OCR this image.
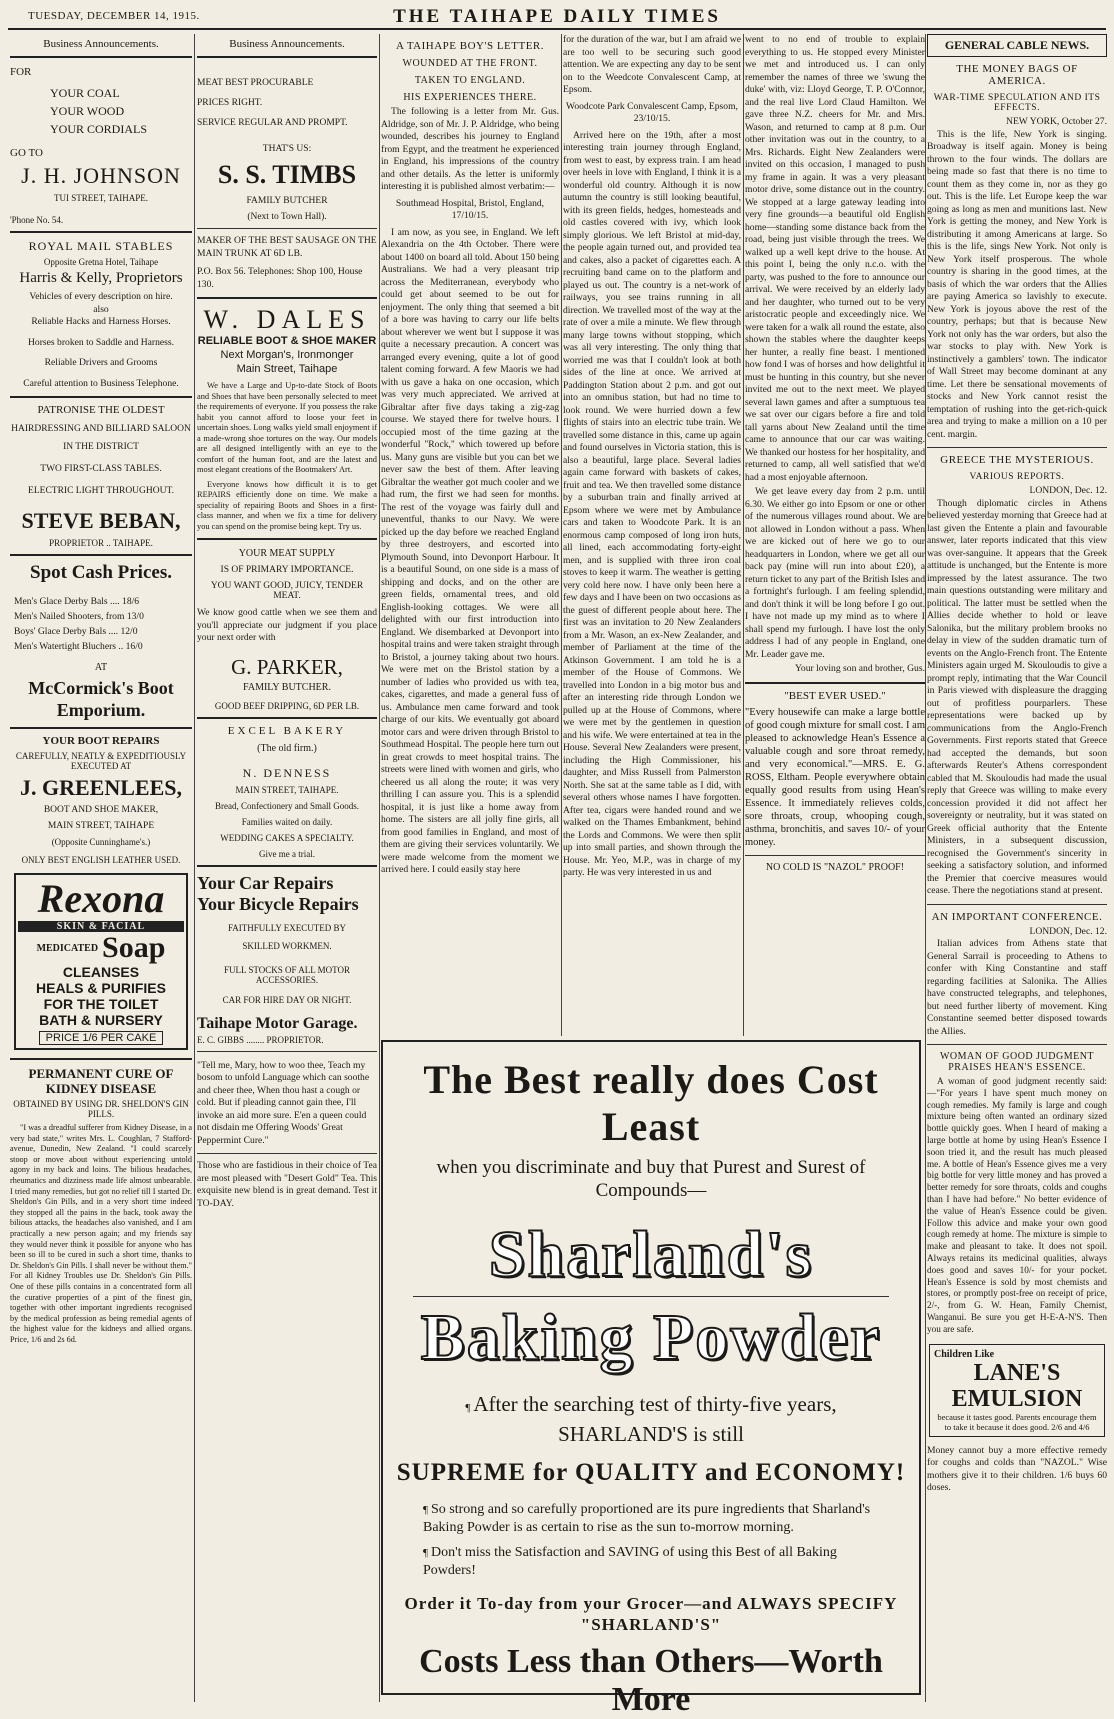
TUESDAY, DECEMBER 14, 1915.	THE TAIHAPE DAILY TIMES
Business Announcements.
FOR
YOUR COAL
YOUR WOOD
YOUR CORDIALS
GO TO
J. H. JOHNSON
TUI STREET, TAIHAPE.
'Phone No. 54.
ROYAL MAIL STABLES
Opposite Gretna Hotel, Taihape
Harris & Kelly, Proprietors
Vehicles of every description on hire.
also
Reliable Hacks and Harness Horses.
Horses broken to Saddle and Harness.
Reliable Drivers and Grooms
Careful attention to Business Telephone.
PATRONISE THE OLDEST
HAIRDRESSING AND BILLIARD SALOON
IN THE DISTRICT
TWO FIRST-CLASS TABLES.
ELECTRIC LIGHT THROUGHOUT.
STEVE BEBAN,
PROPRIETOR .. TAIHAPE.
Spot Cash Prices.
Men's Glace Derby Bals .... 18/6
Men's Nailed Shooters, from 13/0
Boys' Glace Derby Bals .... 12/0
Men's Watertight Bluchers .. 16/0
AT
McCormick's Boot Emporium.
YOUR BOOT REPAIRS
CAREFULLY, NEATLY & EXPEDITIOUSLY EXECUTED AT
J. GREENLEES,
BOOT AND SHOE MAKER,
MAIN STREET, TAIHAPE
(Opposite Cunninghame's.)
ONLY BEST ENGLISH LEATHER USED.
Rexona
SKIN & FACIAL
MEDICATED Soap
CLEANSES
HEALS & PURIFIES
FOR THE TOILET
BATH & NURSERY
PRICE 1/6 PER CAKE
PERMANENT CURE OF KIDNEY DISEASE
OBTAINED BY USING DR. SHELDON'S GIN PILLS.

"I was a dreadful sufferer from Kidney Disease, in a very bad state," writes Mrs. L. Coughlan, 7 Stafford-avenue, Dunedin, New Zealand. "I could scarcely stoop or move about without experiencing untold agony in my back and loins. The bilious headaches, rheumatics and dizziness made life almost unbearable. I tried many remedies, but got no relief till I started Dr. Sheldon's Gin Pills, and in a very short time indeed they stopped all the pains in the back, took away the bilious attacks, the headaches also vanished, and I am practically a new person again; and my friends say they would never think it possible for anyone who has been so ill to be cured in such a short time, thanks to Dr. Sheldon's Gin Pills. I shall never be without them." For all Kidney Troubles use Dr. Sheldon's Gin Pills. One of these pills contains in a concentrated form all the curative properties of a pint of the finest gin, together with other important ingredients recognised by the medical profession as being remedial agents of the highest value for the kidneys and allied organs. Price, 1/6 and 2s 6d.

Business Announcements.
MEAT BEST PROCURABLE
PRICES RIGHT.
SERVICE REGULAR AND PROMPT.
THAT'S US:
S. S. TIMBS
FAMILY BUTCHER
(Next to Town Hall).
MAKER OF THE BEST SAUSAGE ON THE MAIN TRUNK AT 6D LB.
P.O. Box 56. Telephones: Shop 100, House 130.
W. DALES
RELIABLE BOOT & SHOE MAKER
Next Morgan's, Ironmonger
Main Street, Taihape

We have a Large and Up-to-date Stock of Boots and Shoes that have been personally selected to meet the requirements of everyone. If you possess the rake habit you cannot afford to loose your feet in uncertain shoes. Long walks yield small enjoyment if a made-wrong shoe tortures on the way. Our models are all designed intelligently with an eye to the comfort of the human foot, and are the latest and most elegant creations of the Bootmakers' Art.

Everyone knows how difficult it is to get REPAIRS efficiently done on time. We make a speciality of repairing Boots and Shoes in a first-class manner, and when we fix a time for delivery you can spend on the promise being kept. Try us.

YOUR MEAT SUPPLY
IS OF PRIMARY IMPORTANCE.
YOU WANT GOOD, JUICY, TENDER MEAT.
We know good cattle when we see them and you'll appreciate our judgment if you place your next order with
G. PARKER,
FAMILY BUTCHER.
GOOD BEEF DRIPPING, 6D PER LB.
EXCEL BAKERY
(The old firm.)
N. DENNESS
MAIN STREET, TAIHAPE.
Bread, Confectionery and Small Goods.
Families waited on daily.
WEDDING CAKES A SPECIALTY.
Give me a trial.
Your Car Repairs
Your Bicycle Repairs
FAITHFULLY EXECUTED BY
SKILLED WORKMEN.
FULL STOCKS OF ALL MOTOR ACCESSORIES.
CAR FOR HIRE DAY OR NIGHT.
Taihape Motor Garage.
E. C. GIBBS ........ PROPRIETOR.
"Tell me, Mary, how to woo thee, Teach my bosom to unfold Language which can soothe and cheer thee, When thou hast a cough or cold. But if pleading cannot gain thee, I'll invoke an aid more sure. E'en a queen could not disdain me Offering Woods' Great Peppermint Cure."
Those who are fastidious in their choice of Tea are most pleased with "Desert Gold" Tea. This exquisite new blend is in great demand. Test it TO-DAY.
A TAIHAPE BOY'S LETTER.
WOUNDED AT THE FRONT.
TAKEN TO ENGLAND.
HIS EXPERIENCES THERE.

The following is a letter from Mr. Gus. Aldridge, son of Mr. J. P. Aldridge, who being wounded, describes his journey to England from Egypt, and the treatment he experienced in England, his impressions of the country and other details. As the letter is uniformly interesting it is published almost verbatim:—

Southmead Hospital, Bristol, England, 17/10/15.

I am now, as you see, in England. We left Alexandria on the 4th October. There were about 1400 on board all told. About 150 being Australians. We had a very pleasant trip across the Mediterranean, everybody who could get about seemed to be out for enjoyment. The only thing that seemed a bit of a bore was having to carry our life belts about wherever we went but I suppose it was quite a necessary precaution. A concert was arranged every evening, quite a lot of good talent coming forward. A few Maoris we had with us gave a haka on one occasion, which was very much appreciated. We arrived at Gibraltar after five days taking a zig-zag course. We stayed there for twelve hours. I occupied most of the time gazing at the wonderful "Rock," which towered up before us. Many guns are visible but you can bet we never saw the best of them. After leaving Gibraltar the weather got much cooler and we had rum, the first we had seen for months. The rest of the voyage was fairly dull and uneventful, thanks to our Navy. We were picked up the day before we reached England by three destroyers, and escorted into Plymouth Sound, into Devonport Harbour. It is a beautiful Sound, on one side is a mass of shipping and docks, and on the other are green fields, ornamental trees, and old English-looking cottages. We were all delighted with our first introduction into England. We disembarked at Devonport into hospital trains and were taken straight through to Bristol, a journey taking about two hours. We were met on the Bristol station by a number of ladies who provided us with tea, cakes, cigarettes, and made a general fuss of us. Ambulance men came forward and took charge of our kits. We eventually got aboard motor cars and were driven through Bristol to Southmead Hospital. The people here turn out in great crowds to meet hospital trains. The streets were lined with women and girls, who cheered us all along the route; it was very thrilling I can assure you. This is a splendid hospital, it is just like a home away from home. The sisters are all jolly fine girls, all from good families in England, and most of them are giving their services voluntarily. We were made welcome from the moment we arrived here. I could easily stay here

for the duration of the war, but I am afraid we are too well to be securing such good attention. We are expecting any day to be sent on to the Weedcote Convalescent Camp, at Epsom.

Woodcote Park Convalescent Camp, Epsom, 23/10/15.

Arrived here on the 19th, after a most interesting train journey through England, from west to east, by express train. I am head over heels in love with England, I think it is a wonderful old country. Although it is now autumn the country is still looking beautiful, with its green fields, hedges, homesteads and old castles covered with ivy, which look simply glorious. We left Bristol at mid-day, the people again turned out, and provided tea and cakes, also a packet of cigarettes each. A recruiting band came on to the platform and played us out. The country is a net-work of railways, you see trains running in all direction. We travelled most of the way at the rate of over a mile a minute. We flew through many large towns without stopping, which was all very interesting. The only thing that worried me was that I couldn't look at both sides of the line at once. We arrived at Paddington Station about 2 p.m. and got out into an omnibus station, but had no time to look round. We were hurried down a few flights of stairs into an electric tube train. We travelled some distance in this, came up again and found ourselves in Victoria station, this is also a beautiful, large place. Several ladies again came forward with baskets of cakes, fruit and tea. We then travelled some distance by a suburban train and finally arrived at Epsom where we were met by Ambulance cars and taken to Woodcote Park. It is an enormous camp composed of long iron huts, all lined, each accommodating forty-eight men, and is supplied with three iron coal stoves to keep it warm. The weather is getting very cold here now. I have only been here a few days and I have been on two occasions as the guest of different people about here. The first was an invitation to 20 New Zealanders from a Mr. Wason, an ex-New Zealander, and member of Parliament at the time of the Atkinson Government. I am told he is a member of the House of Commons. We travelled into London in a big motor bus and after an interesting ride through London we pulled up at the House of Commons, where we were met by the gentlemen in question and his wife. We were entertained at tea in the House. Several New Zealanders were present, including the High Commissioner, his daughter, and Miss Russell from Palmerston North. She sat at the same table as I did, with several others whose names I have forgotten. After tea, cigars were handed round and we walked on the Thames Embankment, behind the Lords and Commons. We were then split up into small parties, and shown through the House. Mr. Yeo, M.P., was in charge of my party. He was very interested in us and

went to no end of trouble to explain everything to us. He stopped every Minister we met and introduced us. I can only remember the names of three we 'swung the duke' with, viz: Lloyd George, T. P. O'Connor, and the real live Lord Claud Hamilton. We gave three N.Z. cheers for Mr. and Mrs. Wason, and returned to camp at 8 p.m. Our other invitation was out in the country, to a Mrs. Richards. Eight New Zealanders were invited on this occasion, I managed to push my frame in again. It was a very pleasant motor drive, some distance out in the country. We stopped at a large gateway leading into very fine grounds—a beautiful old English home—standing some distance back from the road, being just visible through the trees. We walked up a well kept drive to the house. At this point I, being the only n.c.o. with the party, was pushed to the fore to announce our arrival. We were received by an elderly lady and her daughter, who turned out to be very aristocratic people and exceedingly nice. We were taken for a walk all round the estate, also shown the stables where the daughter keeps her hunter, a really fine beast. I mentioned how fond I was of horses and how delightful it must be hunting in this country, but she never invited me out to the next meet. We played several lawn games and after a sumptuous tea we sat over our cigars before a fire and told tall yarns about New Zealand until the time came to announce that our car was waiting. We thanked our hostess for her hospitality, and returned to camp, all well satisfied that we'd had a most enjoyable afternoon.

We get leave every day from 2 p.m. until 6.30. We either go into Epsom or one or other of the numerous villages round about. We are not allowed in London without a pass. When we are kicked out of here we go to our headquarters in London, where we get all our back pay (mine will run into about £20), a return ticket to any part of the British Isles and a fortnight's furlough. I am feeling splendid, and don't think it will be long before I go out. I have not made up my mind as to where I shall spend my furlough. I have lost the only address I had of any people in England, one Mr. Leader gave me.

Your loving son and brother, Gus.
"BEST EVER USED."
"Every housewife can make a large bottle of good cough mixture for small cost. I am pleased to acknowledge Hean's Essence a valuable cough and sore throat remedy, and very economical."—MRS. E. G. ROSS, Eltham. People everywhere obtain equally good results from using Hean's Essence. It immediately relieves colds, sore throats, croup, whooping cough, asthma, bronchitis, and saves 10/- of your money.
NO COLD IS "NAZOL" PROOF!
GENERAL CABLE NEWS.
THE MONEY BAGS OF AMERICA.
WAR-TIME SPECULATION AND ITS EFFECTS.
NEW YORK, October 27.

This is the life, New York is singing. Broadway is itself again. Money is being thrown to the four winds. The dollars are being made so fast that there is no time to count them as they come in, nor as they go out. This is the life. Let Europe keep the war going as long as men and munitions last. New York is getting the money, and New York is distributing it among Americans at large. So this is the life, sings New York. Not only is New York itself prosperous. The whole country is sharing in the good times, at the basis of which the war orders that the Allies are paying America so lavishly to execute. New York is joyous above the rest of the country, perhaps; but that is because New York not only has the war orders, but also the war stocks to play with. New York is instinctively a gamblers' town. The indicator of Wall Street may become dominant at any time. Let there be sensational movements of stocks and New York cannot resist the temptation of rushing into the get-rich-quick area and trying to make a million on a 10 per cent. margin.

GREECE THE MYSTERIOUS.
VARIOUS REPORTS.
LONDON, Dec. 12.

Though diplomatic circles in Athens believed yesterday morning that Greece had at last given the Entente a plain and favourable answer, later reports indicated that this view was over-sanguine. It appears that the Greek attitude is unchanged, but the Entente is more impressed by the latest assurance. The two main questions outstanding were military and political. The latter must be settled when the Allies decide whether to hold or leave Salonika, but the military problem brooks no delay in view of the sudden dramatic turn of events on the Anglo-French front. The Entente Ministers again urged M. Skouloudis to give a prompt reply, intimating that the War Council in Paris viewed with displeasure the dragging out of profitless pourparlers. These representations were backed up by communications from the Anglo-French Governments. First reports stated that Greece had accepted the demands, but soon afterwards Reuter's Athens correspondent cabled that M. Skouloudis had made the usual reply that Greece was willing to make every concession provided it did not affect her sovereignty or neutrality, but it was stated on Greek official authority that the Entente Ministers, in a subsequent discussion, recognised the Government's sincerity in seeking a satisfactory solution, and informed the Premier that coercive measures would cease. There the negotiations stand at present.

AN IMPORTANT CONFERENCE.
LONDON, Dec. 12.

Italian advices from Athens state that General Sarrail is proceeding to Athens to confer with King Constantine and staff regarding facilities at Salonika. The Allies have constructed telegraphs, and telephones, but need further liberty of movement. King Constantine seemed better disposed towards the Allies.

WOMAN OF GOOD JUDGMENT PRAISES HEAN'S ESSENCE.

A woman of good judgment recently said:—"For years I have spent much money on cough remedies. My family is large and cough mixture being often wanted an ordinary sized bottle quickly goes. When I heard of making a large bottle at home by using Hean's Essence I soon tried it, and the result has much pleased me. A bottle of Hean's Essence gives me a very big bottle for very little money and has proved a better remedy for sore throats, colds and coughs than I have had before." No better evidence of the value of Hean's Essence could be given. Follow this advice and make your own good cough remedy at home. The mixture is simple to make and pleasant to take. It does not spoil. Always retains its medicinal qualities, always does good and saves 10/- for your pocket. Hean's Essence is sold by most chemists and stores, or promptly post-free on receipt of price, 2/-, from G. W. Hean, Family Chemist, Wanganui. Be sure you get H-E-A-N'S. Then you are safe.

Children Like
LANE'S EMULSION
because it tastes good. Parents encourage them to take it because it does good. 2/6 and 4/6
Money cannot buy a more effective remedy for coughs and colds than "NAZOL." Wise mothers give it to their children. 1/6 buys 60 doses.
The Best really does Cost Least
when you discriminate and buy that Purest and Surest of Compounds—
Sharland's
Baking Powder
¶ After the searching test of thirty-five years, SHARLAND'S is still
SUPREME for QUALITY and ECONOMY!
¶ So strong and so carefully proportioned are its pure ingredients that Sharland's Baking Powder is as certain to rise as the sun to-morrow morning.
¶ Don't miss the Satisfaction and SAVING of using this Best of all Baking Powders!
Order it To-day from your Grocer—and ALWAYS SPECIFY "SHARLAND'S"
Costs Less than Others—Worth More
